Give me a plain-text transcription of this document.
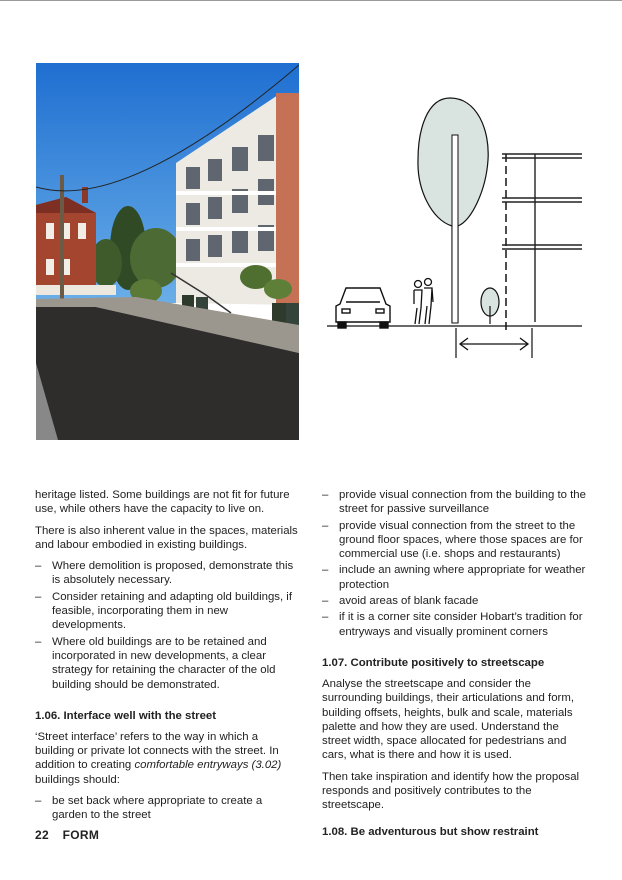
heritage listed. Some buildings are not fit for future use, while others have the capacity to live on.

There is also inherent value in the spaces, materials and labour embodied in existing buildings.

– Where demolition is proposed, demonstrate this is absolutely necessary.
– Consider retaining and adapting old buildings, if feasible, incorporating them in new developments.
– Where old buildings are to be retained and incorporated in new developments, a clear strategy for retaining the character of the old building should be demonstrated.
1.06. Interface well with the street

‘Street interface’ refers to the way in which a building or private lot connects with the street. In addition to creating comfortable entryways (3.02) buildings should:

– be set back where appropriate to create a garden to the street
– provide visual connection from the building to the street for passive surveillance
– provide visual connection from the street to the ground floor spaces, where those spaces are for commercial use (i.e. shops and restaurants)
– include an awning where appropriate for weather protection
– avoid areas of blank facade
– if it is a corner site consider Hobart’s tradition for entryways and visually prominent corners
1.07. Contribute positively to streetscape

Analyse the streetscape and consider the surrounding buildings, their articulations and form, building offsets, heights, bulk and scale, materials palette and how they are used. Understand the street width, space allocated for pedestrians and cars, what is there and how it is used.

Then take inspiration and identify how the proposal responds and positively contributes to the streetscape.

1.08. Be adventurous but show restraint
22 FORM
